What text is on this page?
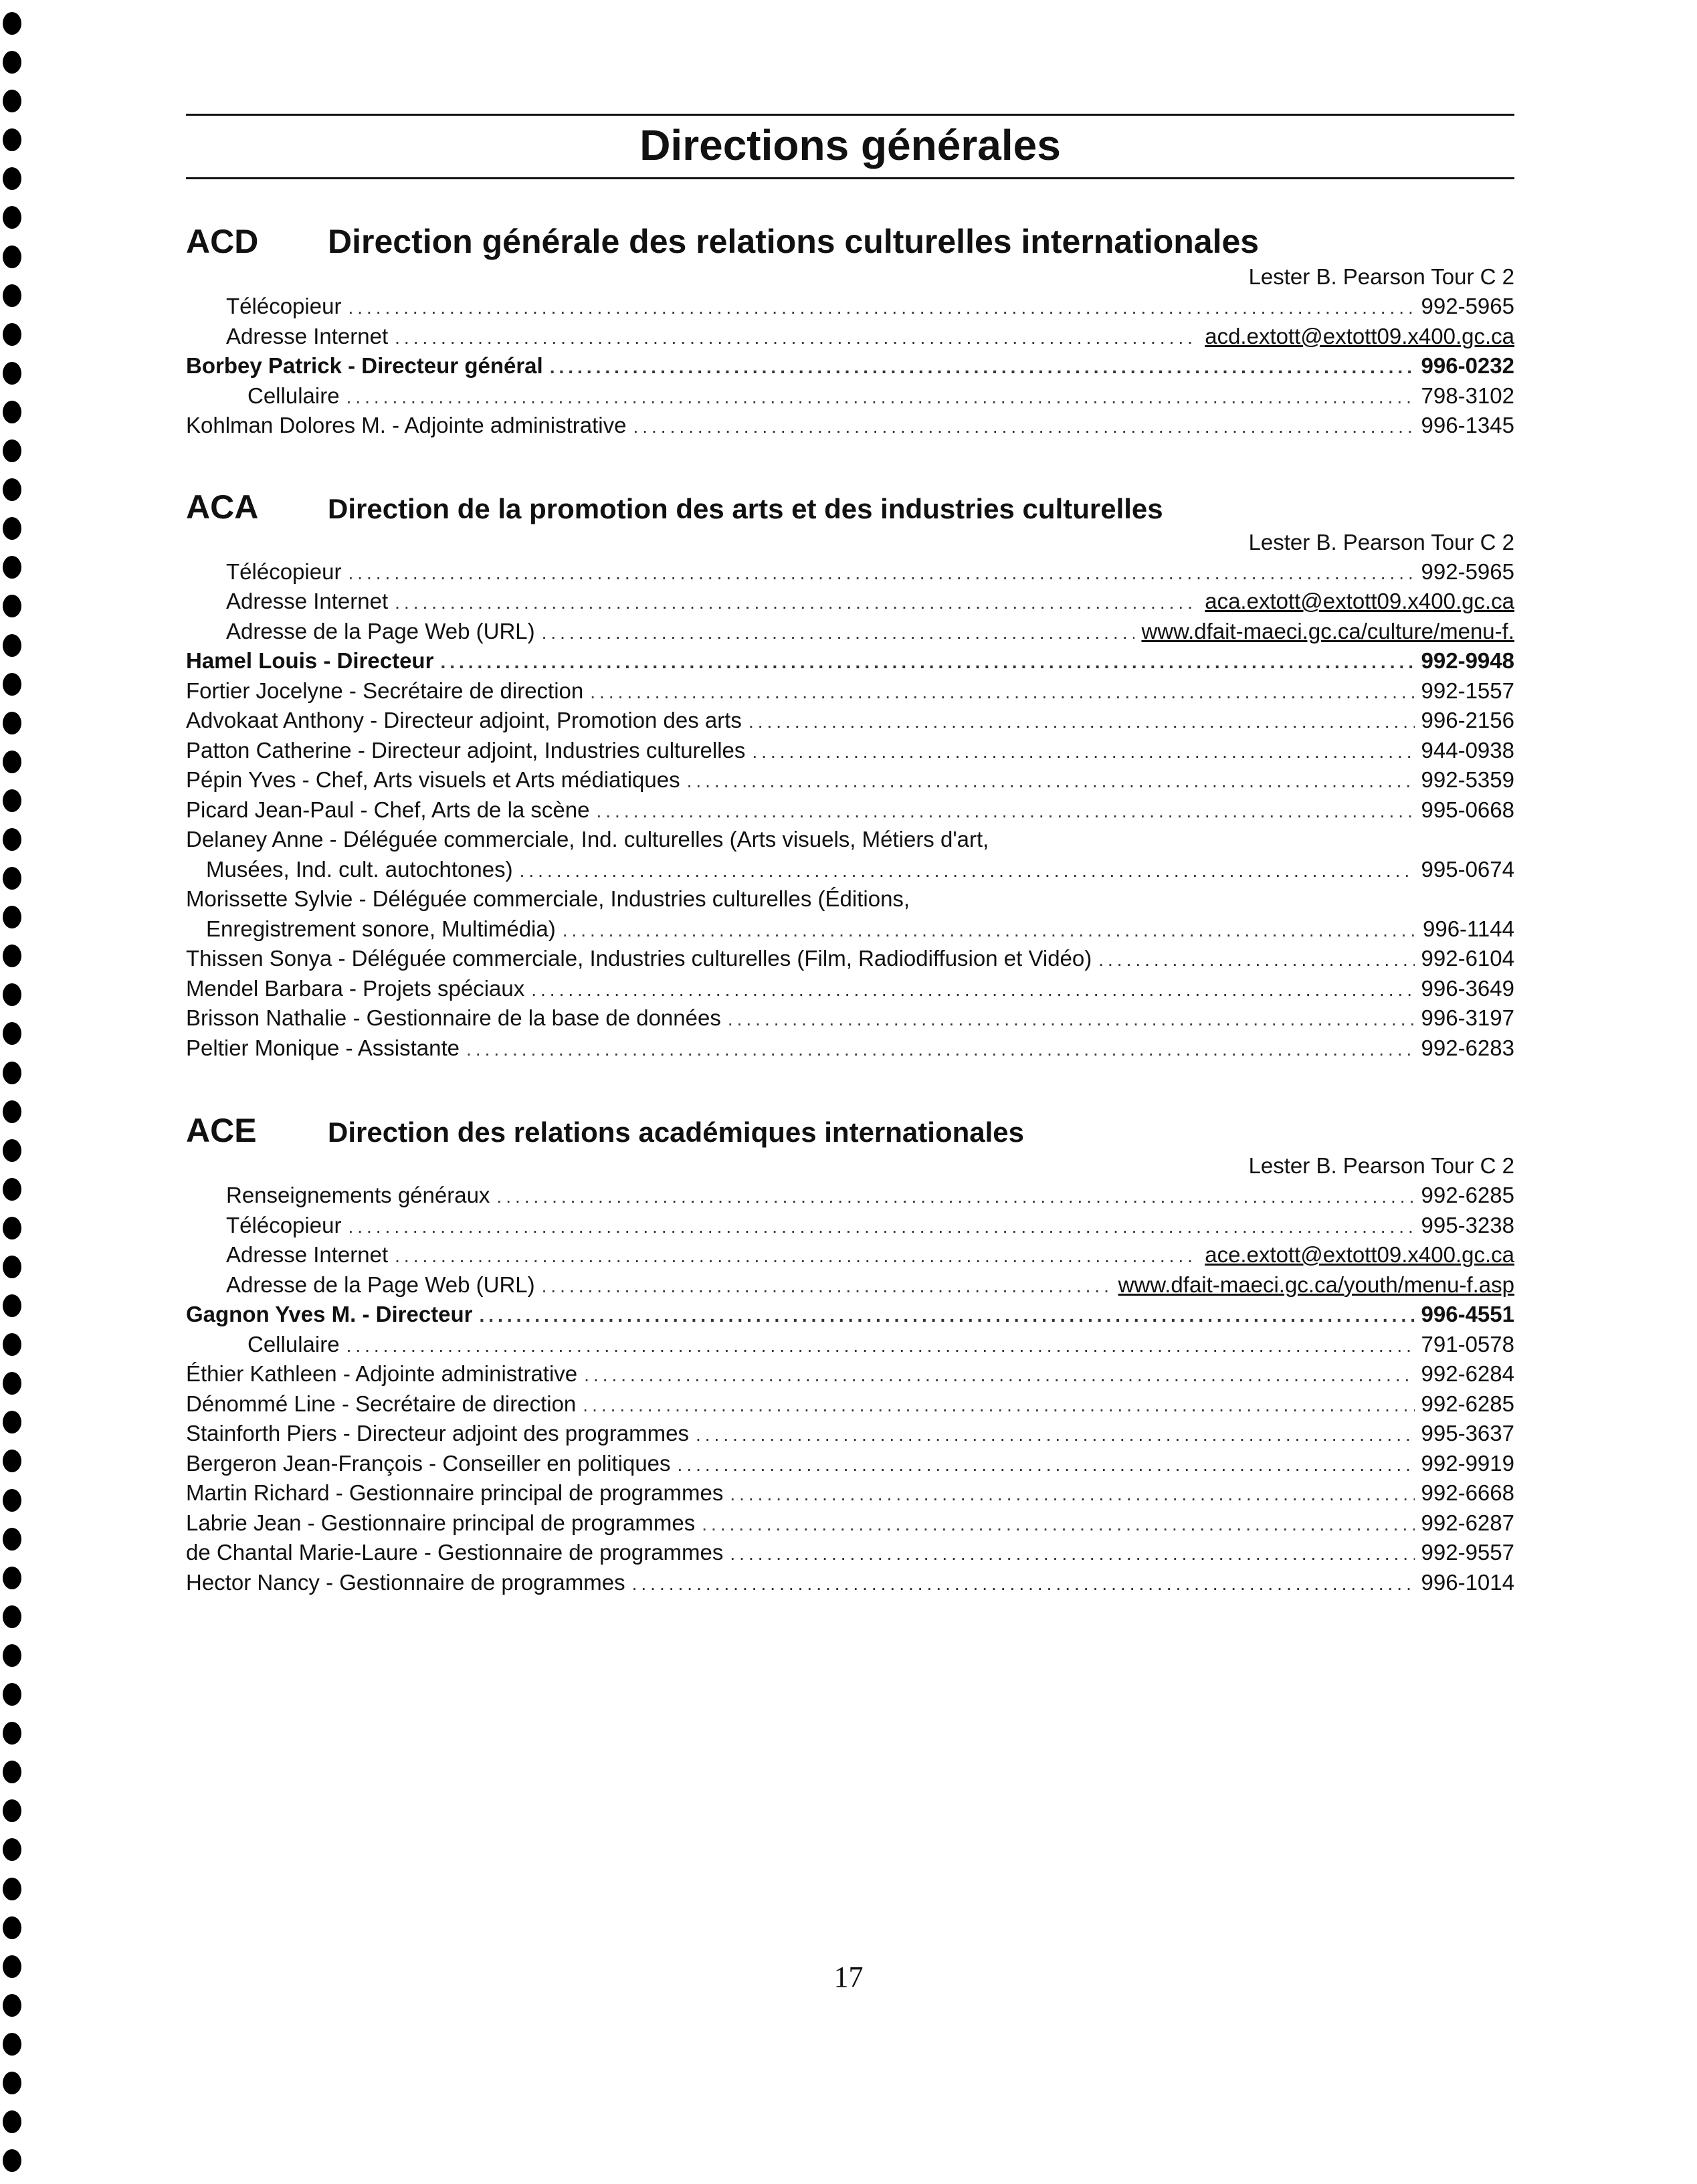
Directions générales
ACD	Direction générale des relations culturelles internationales
Lester B. Pearson Tour C 2
Télécopieur .....	992-5965
Adresse Internet .....	acd.extott@extott09.x400.gc.ca
Borbey Patrick - Directeur général .....	996-0232
Cellulaire .....	798-3102
Kohlman Dolores M. - Adjointe administrative .....	996-1345
ACA	Direction de la promotion des arts et des industries culturelles
Lester B. Pearson Tour C 2
Télécopieur .....	992-5965
Adresse Internet .....	aca.extott@extott09.x400.gc.ca
Adresse de la Page Web (URL) .....	www.dfait-maeci.gc.ca/culture/menu-f.
Hamel Louis - Directeur .....	992-9948
Fortier Jocelyne - Secrétaire de direction .....	992-1557
Advokaat Anthony - Directeur adjoint, Promotion des arts .....	996-2156
Patton Catherine - Directeur adjoint, Industries culturelles .....	944-0938
Pépin Yves - Chef, Arts visuels et Arts médiatiques .....	992-5359
Picard Jean-Paul - Chef, Arts de la scène .....	995-0668
Delaney Anne - Déléguée commerciale, Ind. culturelles (Arts visuels, Métiers d'art,
Musées, Ind. cult. autochtones) .....	995-0674
Morissette Sylvie - Déléguée commerciale, Industries culturelles (Éditions,
Enregistrement sonore, Multimédia) .....	996-1144
Thissen Sonya - Déléguée commerciale, Industries culturelles (Film, Radiodiffusion et Vidéo) .....	992-6104
Mendel Barbara - Projets spéciaux .....	996-3649
Brisson Nathalie - Gestionnaire de la base de données .....	996-3197
Peltier Monique - Assistante .....	992-6283
ACE	Direction des relations académiques internationales
Lester B. Pearson Tour C 2
Renseignements généraux .....	992-6285
Télécopieur .....	995-3238
Adresse Internet .....	ace.extott@extott09.x400.gc.ca
Adresse de la Page Web (URL) .....	www.dfait-maeci.gc.ca/youth/menu-f.asp
Gagnon Yves M. - Directeur .....	996-4551
Cellulaire .....	791-0578
Éthier Kathleen - Adjointe administrative .....	992-6284
Dénommé Line - Secrétaire de direction .....	992-6285
Stainforth Piers - Directeur adjoint des programmes .....	995-3637
Bergeron Jean-François - Conseiller en politiques .....	992-9919
Martin Richard - Gestionnaire principal de programmes .....	992-6668
Labrie Jean - Gestionnaire principal de programmes .....	992-6287
de Chantal Marie-Laure - Gestionnaire de programmes .....	992-9557
Hector Nancy - Gestionnaire de programmes .....	996-1014
17
